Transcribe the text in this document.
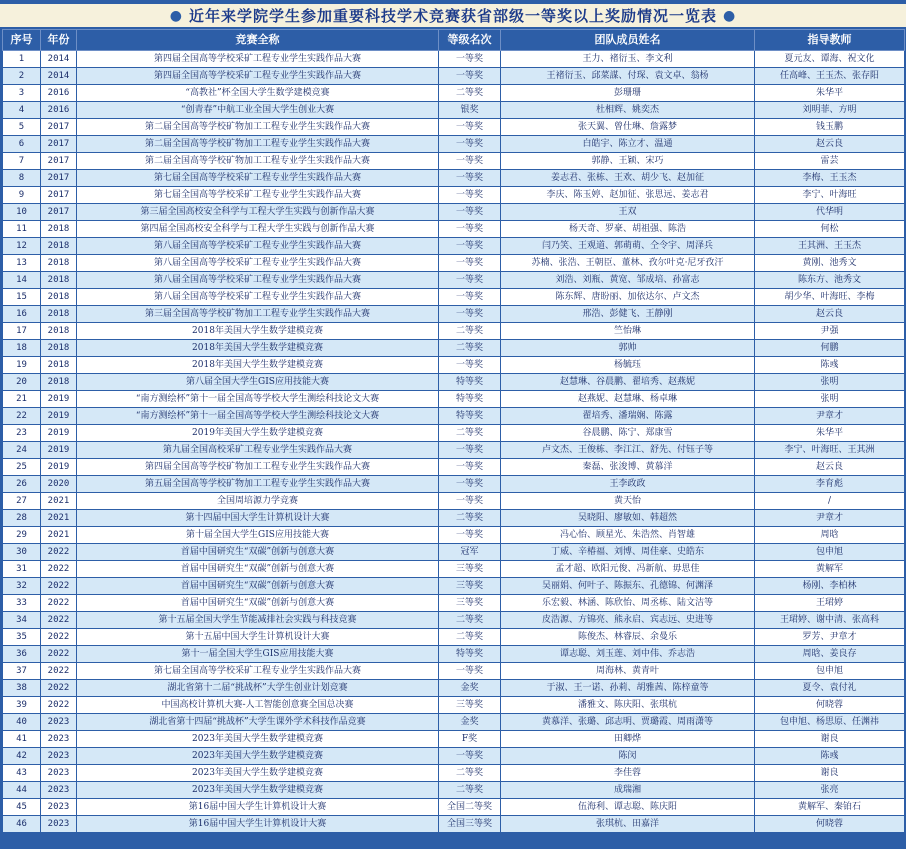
● 近年来学院学生参加重要科技学术竞赛获省部级一等奖以上奖励情况一览表 ●
序号	年份	竞赛全称	等级名次	团队成员姓名	指导教师
1	2014	第四届全国高等学校采矿工程专业学生实践作品大赛	一等奖	王力、褚衍玉、李文利	夏元友、谭海、祝文化
2	2014	第四届全国高等学校采矿工程专业学生实践作品大赛	一等奖	王褚衍玉、邱菜謀、付琛、袁文卓、翁杨	任高峰、王玉杰、张存阳
3	2016	“高教社”杯全国大学生数学建模竞赛	二等奖	彭珊珊	朱华平
4	2016	“创青春”中航工业全国大学生创业大赛	银奖	杜相辉、姚奕杰	刘明菲、方明
5	2017	第二届全国高等学校矿物加工工程专业学生实践作品大赛	一等奖	张天翼、曾仕琳、詹露梦	钱玉鹏
6	2017	第二届全国高等学校矿物加工工程专业学生实践作品大赛	一等奖	白皓宇、陈立才、温通	赵云良
7	2017	第二届全国高等学校矿物加工工程专业学生实践作品大赛	一等奖	郭静、王颖、宋巧	雷芸
8	2017	第七届全国高等学校采矿工程专业学生实践作品大赛	一等奖	姜志君、张栋、王欢、胡少飞、赵加征	李梅、王玉杰
9	2017	第七届全国高等学校采矿工程专业学生实践作品大赛	一等奖	李庆、陈玉婷、赵加征、张思远、姜志君	李宁、叶海旺
10	2017	第三届全国高校安全科学与工程大学生实践与创新作品大赛	一等奖	王双	代华明
11	2018	第四届全国高校安全科学与工程大学生实践与创新作品大赛	一等奖	杨天奇、罗豪、胡祖强、陈浩	何松
12	2018	第八届全国高等学校采矿工程专业学生实践作品大赛	一等奖	闫乃笑、王观道、郭萌萌、仝令宇、周泽兵	王其洲、王玉杰
13	2018	第八届全国高等学校采矿工程专业学生实践作品大赛	一等奖	苏楠、张浩、王朝臣、董林、孜尔叶克·尼牙孜汗	黄刚、池秀文
14	2018	第八届全国高等学校采矿工程专业学生实践作品大赛	一等奖	刘浩、刘瓶、黄宽、邹成培、孙富志	陈东方、池秀文
15	2018	第八届全国高等学校采矿工程专业学生实践作品大赛	一等奖	陈东辉、唐盼丽、加依达尔、卢文杰	胡少华、叶海旺、李梅
16	2018	第三届全国高等学校矿物加工工程专业学生实践作品大赛	一等奖	邢浩、彭健飞、王静刚	赵云良
17	2018	2018年美国大学生数学建模竞赛	二等奖	竺怡琳	尹强
18	2018	2018年美国大学生数学建模竞赛	二等奖	郭帅	何鹏
19	2018	2018年美国大学生数学建模竞赛	一等奖	杨毓珏	陈彧
20	2018	第八届全国大学生GIS应用技能大赛	特等奖	赵慧琳、谷晨鹏、翟培秀、赵燕妮	张明
21	2019	“南方测绘杯”第十一届全国高等学校大学生测绘科技论文大赛	特等奖	赵燕妮、赵慧琳、杨卓琳	张明
22	2019	“南方测绘杯”第十一届全国高等学校大学生测绘科技论文大赛	特等奖	翟培秀、潘瑞娴、陈露	尹章才
23	2019	2019年美国大学生数学建模竞赛	二等奖	谷晨鹏、陈宁、郑康雪	朱华平
24	2019	第九届全国高校采矿工程专业学生实践作品大赛	一等奖	卢文杰、王俊栋、李江江、舒先、付钰子等	李宁、叶海旺、王其洲
25	2019	第四届全国高等学校矿物加工工程专业学生实践作品大赛	一等奖	秦磊、张浚博、黄慕洋	赵云良
26	2020	第五届全国高等学校矿物加工工程专业学生实践作品大赛	一等奖	王李政政	李育彪
27	2021	全国周培源力学竞赛	一等奖	黄天怡	/
28	2021	第十四届中国大学生计算机设计大赛	二等奖	吴晓阳、廖敏如、韩超然	尹章才
29	2021	第十届全国大学生GIS应用技能大赛	一等奖	冯心怡、顾星光、朱浩然、肖智雄	周晗
30	2022	首届中国研究生“双碳”创新与创意大赛	冠军	丁威、辛椿福、刘博、周佳豪、史皓东	包申旭
31	2022	首届中国研究生“双碳”创新与创意大赛	三等奖	孟才超、欧阳元俊、冯新航、毋思佳	黄解军
32	2022	首届中国研究生“双碳”创新与创意大赛	三等奖	吴丽娟、何叶子、陈振东、孔德锦、何渊泽	杨刚、李柏林
33	2022	首届中国研究生“双碳”创新与创意大赛	三等奖	乐宏毅、林涵、陈欣怡、周丞栋、陆文洁等	王珺婷
34	2022	第十五届全国大学生节能减排社会实践与科技竞赛	二等奖	皮浩源、方锦亮、熊永启、宾志远、史进等	王珺婷、谢中清、张高科
35	2022	第十五届中国大学生计算机设计大赛	二等奖	陈俊杰、林睿辰、余曼乐	罗芳、尹章才
36	2022	第十一届全国大学生GIS应用技能大赛	特等奖	谭志聪、刘玉莲、刘中伟、乔志浩	周晗、姜良存
37	2022	第七届全国高等学校采矿工程专业学生实践作品大赛	一等奖	周海林、黄青叶	包申旭
38	2022	湖北省第十二届“挑战杯”大学生创业计划竞赛	金奖	于淑、王一诺、孙莉、胡雅茜、陈梓童等	夏令、袁付礼
39	2022	中国高校计算机大赛-人工智能创意赛全国总决赛	三等奖	潘雅文、陈庆阳、张琪杭	何晓蓉
40	2023	湖北省第十四届“挑战杯”大学生课外学术科技作品竞赛	金奖	黄慕洋、张璐、邱志明、贾璐霞、周雨潇等	包申旭、杨思原、任渊祎
41	2023	2023年美国大学生数学建模竞赛	F奖	田卿烨	谢良
42	2023	2023年美国大学生数学建模竞赛	一等奖	陈闵	陈彧
43	2023	2023年美国大学生数学建模竞赛	二等奖	李佳蓉	谢良
44	2023	2023年美国大学生数学建模竞赛	二等奖	成瑞湘	张亮
45	2023	第16届中国大学生计算机设计大赛	全国二等奖	伍海利、谭志聪、陈庆阳	黄解军、秦铂石
46	2023	第16届中国大学生计算机设计大赛	全国三等奖	张琪杭、田嘉洋	何晓蓉
